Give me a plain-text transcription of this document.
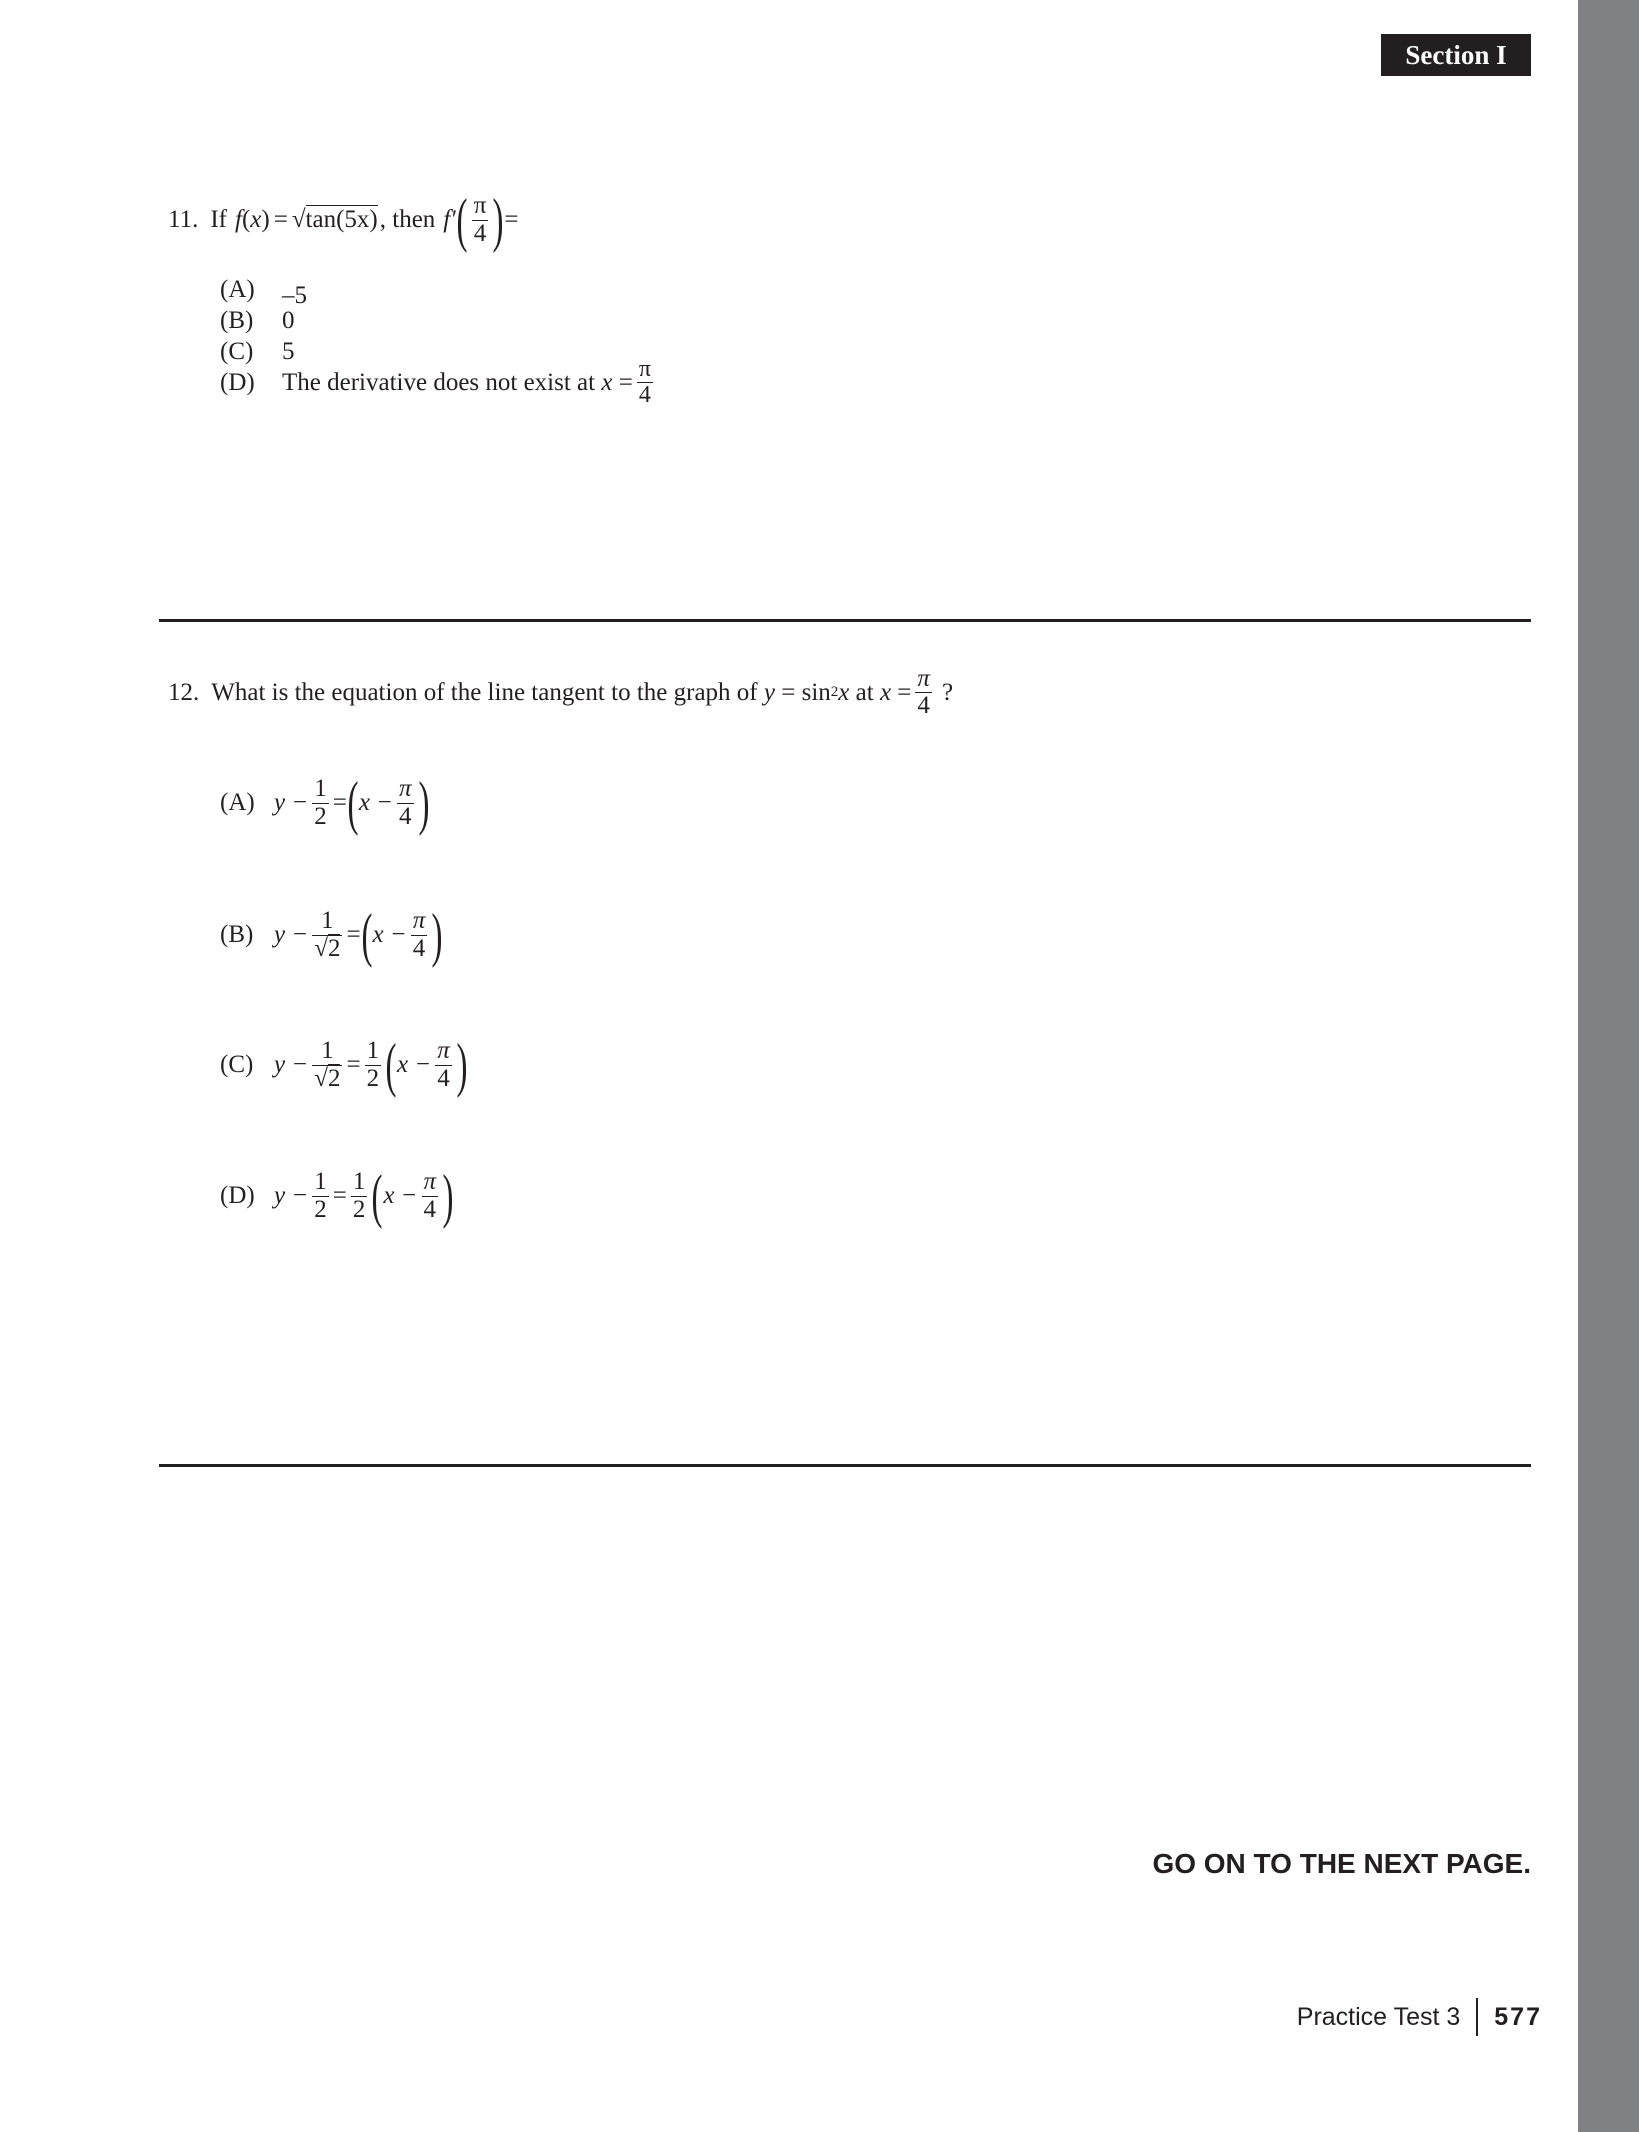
Section I
11. If f ( x ) = √tan(5x) , then f′ ( $\frac{\pi}{4}$ ) =
(A)	–5
(B)	0
(C)	5
(D)	The derivative does not exist at
x
= $\frac{\pi}{4}$
12. What is the equation of the line tangent to the graph of
y
=
sin 2 x
at
x
= $\frac{\pi}{4}$ ?
(A) $y - \frac{1}{2}$ = ( $x - \frac{\pi}{4}$ )
(B) $y - \frac{1}{√2}$ = ( $x - \frac{\pi}{4}$ )
(C) $y - \frac{1}{√2} = \frac{1}{2}$ ( $x - \frac{\pi}{4}$ )
(D) $y - \frac{1}{2} = \frac{1}{2}$ ( $x - \frac{\pi}{4}$ )
GO ON TO THE NEXT PAGE.
Practice Test 3 577
